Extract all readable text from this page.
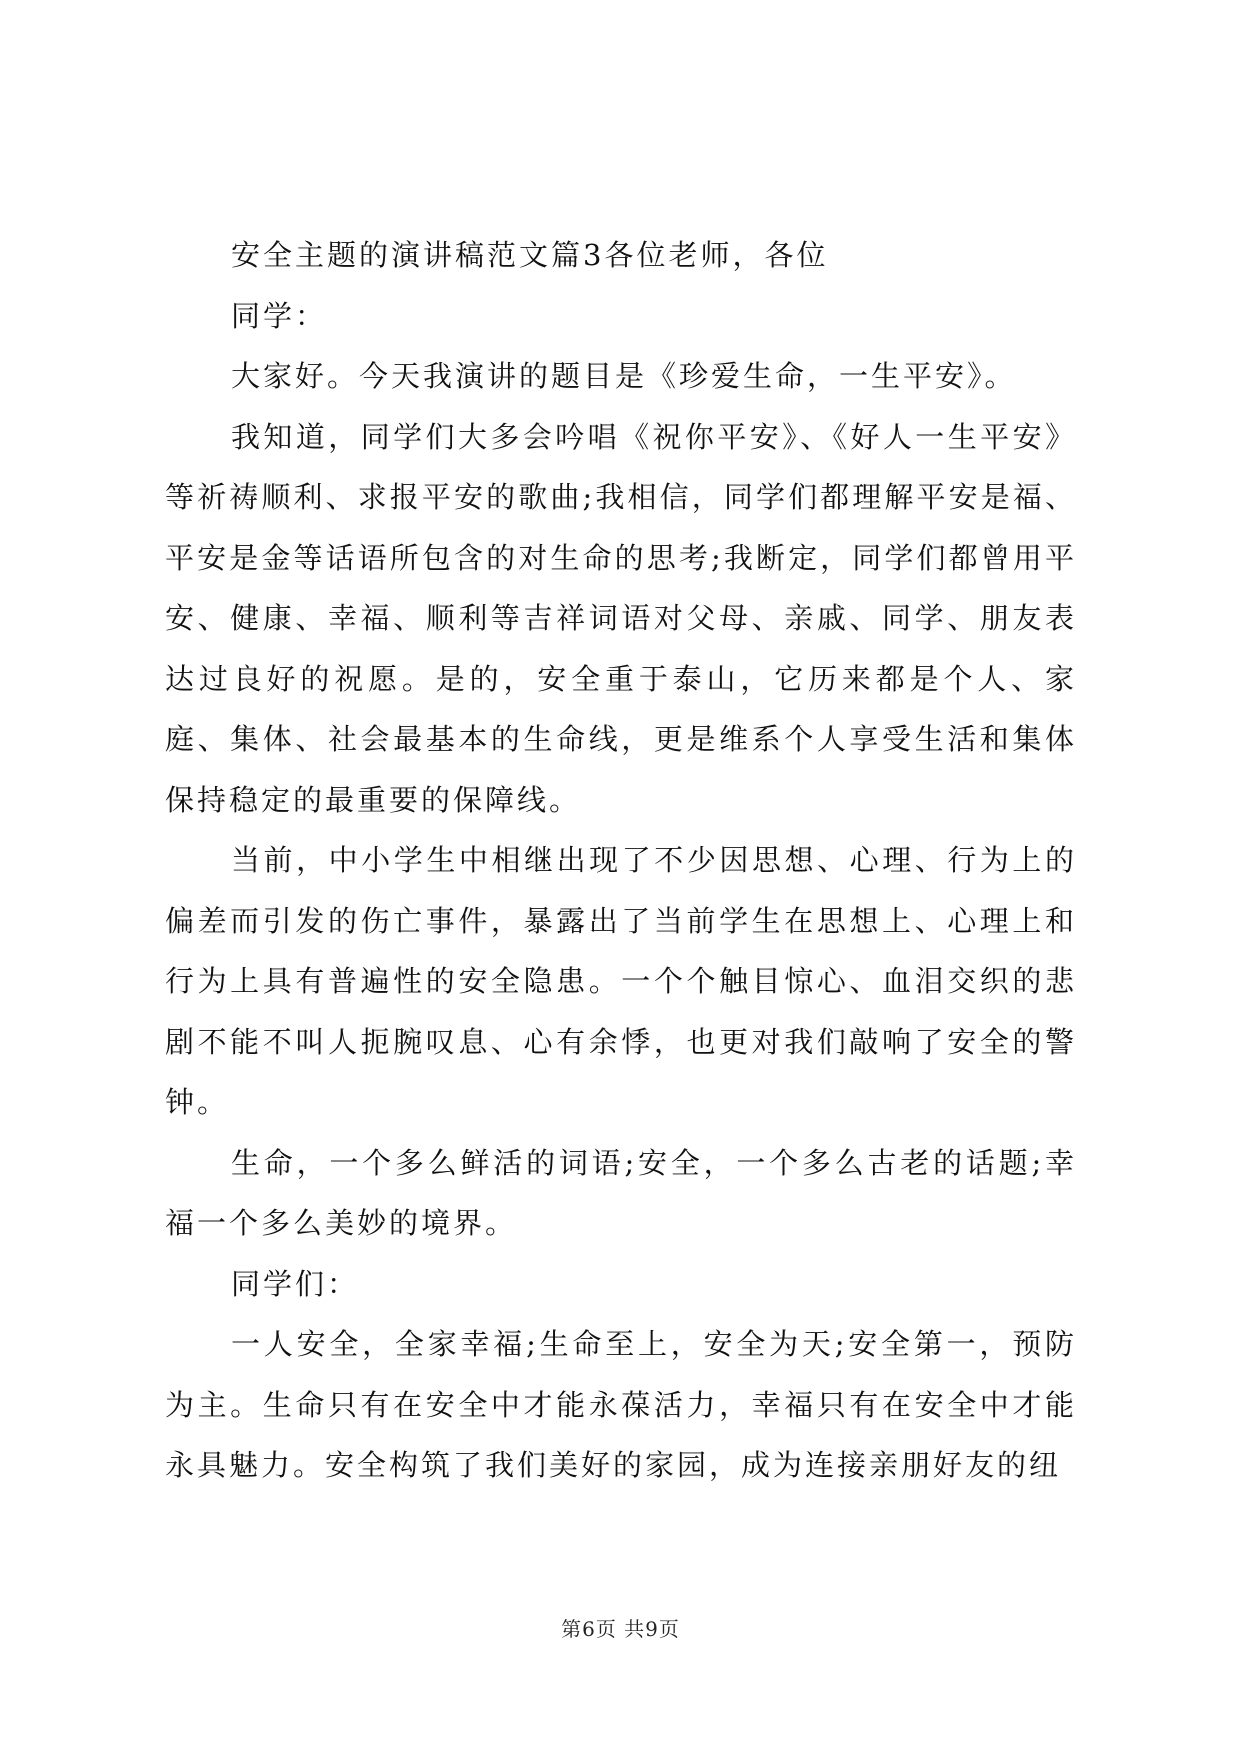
安全主题的演讲稿范文篇3各位老师，各位

同学：

大家好。今天我演讲的题目是《珍爱生命，一生平安》。

我知道，同学们大多会吟唱《祝你平安》、《好人一生平安》等祈祷顺利、求报平安的歌曲;我相信，同学们都理解平安是福、平安是金等话语所包含的对生命的思考;我断定，同学们都曾用平安、健康、幸福、顺利等吉祥词语对父母、亲戚、同学、朋友表达过良好的祝愿。是的，安全重于泰山，它历来都是个人、家庭、集体、社会最基本的生命线，更是维系个人享受生活和集体保持稳定的最重要的保障线。

当前，中小学生中相继出现了不少因思想、心理、行为上的偏差而引发的伤亡事件，暴露出了当前学生在思想上、心理上和行为上具有普遍性的安全隐患。一个个触目惊心、血泪交织的悲剧不能不叫人扼腕叹息、心有余悸，也更对我们敲响了安全的警钟。

生命，一个多么鲜活的词语;安全，一个多么古老的话题;幸福一个多么美妙的境界。

同学们：

一人安全，全家幸福;生命至上，安全为天;安全第一，预防为主。生命只有在安全中才能永葆活力，幸福只有在安全中才能永具魅力。安全构筑了我们美好的家园，成为连接亲朋好友的纽

第6页 共9页
